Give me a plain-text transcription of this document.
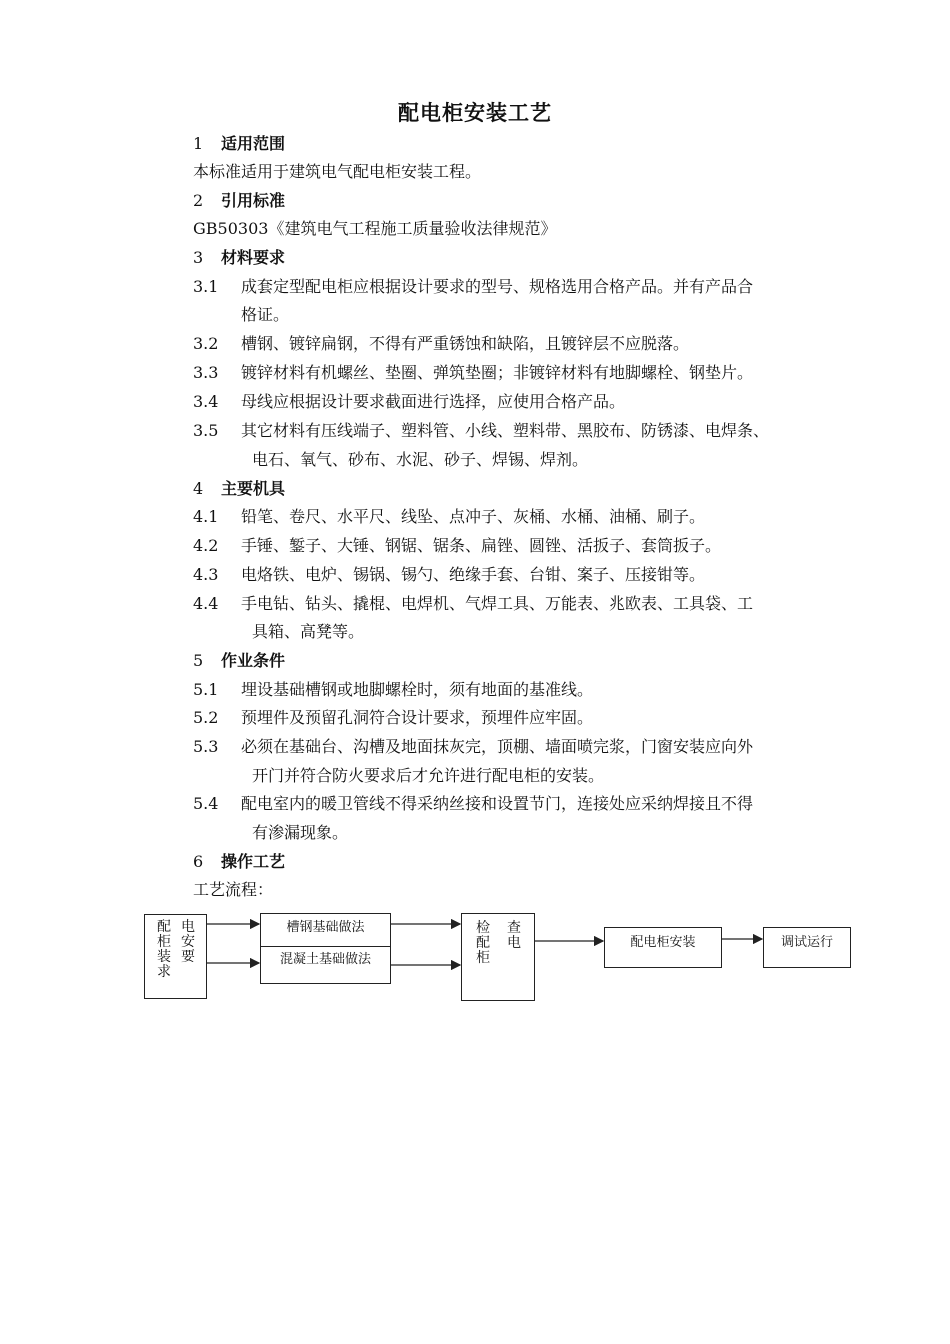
配电柜安装工艺
1 适用范围
本标准适用于建筑电气配电柜安装工程。
2 引用标准
GB50303《建筑电气工程施工质量验收法律规范》
3 材料要求
3.1 成套定型配电柜应根据设计要求的型号、规格选用合格产品。并有产品合
格证。
3.2 槽钢、镀锌扁钢，不得有严重锈蚀和缺陷，且镀锌层不应脱落。
3.3 镀锌材料有机螺丝、垫圈、弹筑垫圈；非镀锌材料有地脚螺栓、钢垫片。
3.4 母线应根据设计要求截面进行选择，应使用合格产品。
3.5 其它材料有压线端子、塑料管、小线、塑料带、黑胶布、防锈漆、电焊条、
电石、氧气、砂布、水泥、砂子、焊锡、焊剂。
4 主要机具
4.1 铅笔、卷尺、水平尺、线坠、点冲子、灰桶、水桶、油桶、刷子。
4.2 手锤、錾子、大锤、钢锯、锯条、扁锉、圆锉、活扳子、套筒扳子。
4.3 电烙铁、电炉、锡锅、锡勺、绝缘手套、台钳、案子、压接钳等。
4.4 手电钻、钻头、撬棍、电焊机、气焊工具、万能表、兆欧表、工具袋、工
具箱、高凳等。
5 作业条件
5.1 埋设基础槽钢或地脚螺栓时，须有地面的基准线。
5.2 预埋件及预留孔洞符合设计要求，预埋件应牢固。
5.3 必须在基础台、沟槽及地面抹灰完，顶棚、墙面喷完浆，门窗安装应向外
开门并符合防火要求后才允许进行配电柜的安装。
5.4 配电室内的暖卫管线不得采纳丝接和设置节门，连接处应采纳焊接且不得
有渗漏现象。
6 操作工艺
工艺流程：
配柜装求
电安要
槽钢基础做法
混凝土基础做法
检配柜
查电	配电柜安装	调试运行
